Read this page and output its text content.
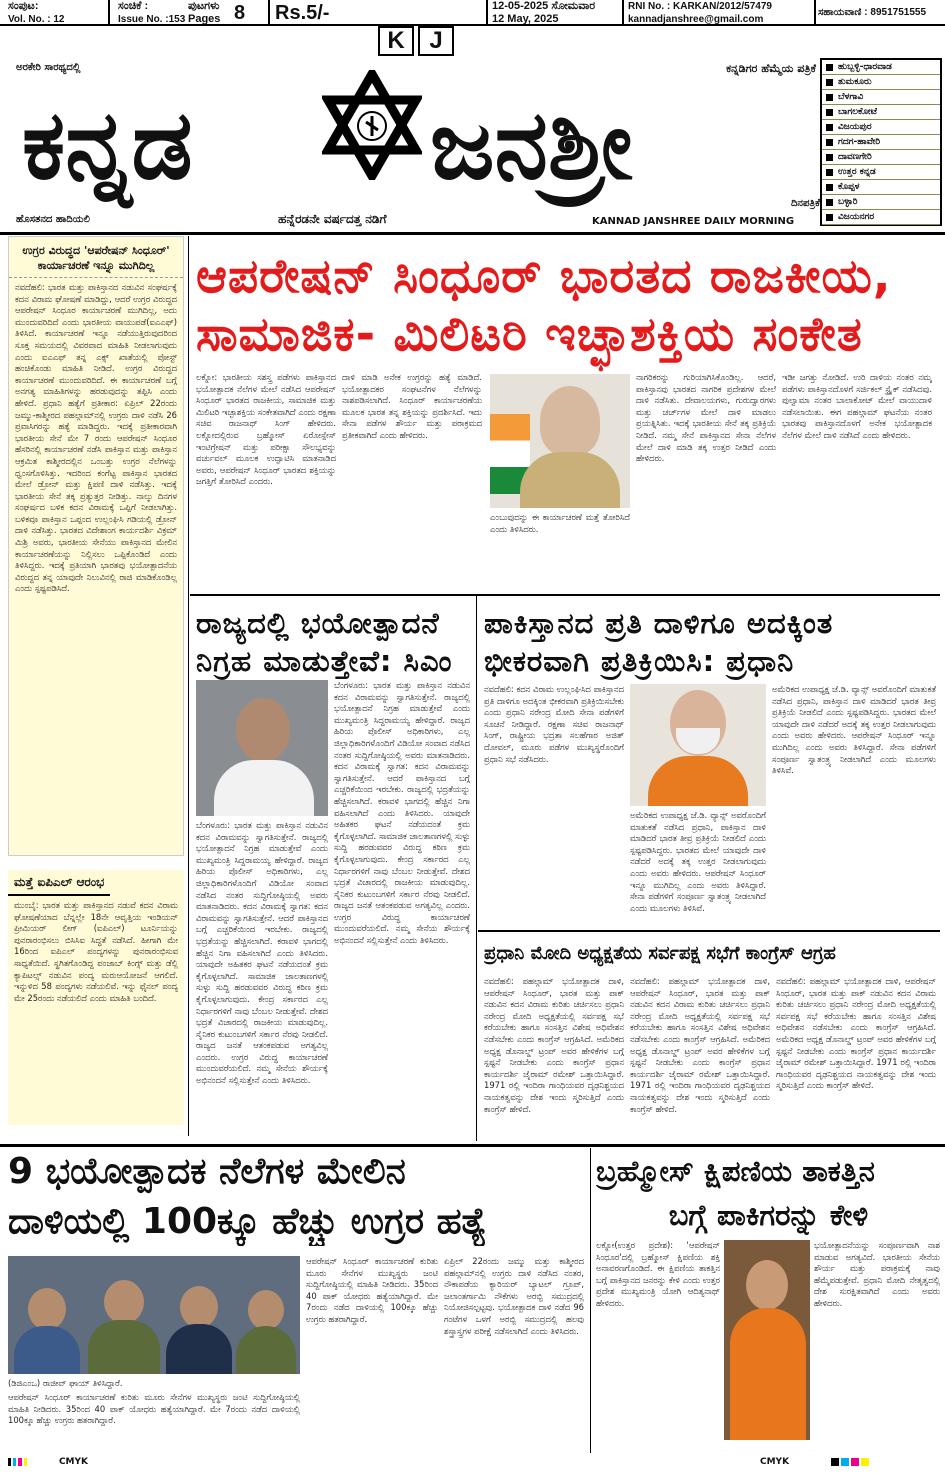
ಸಂಪುಟ:
Vol. No. : 12
ಸಂಚಿಕೆ :
Issue No. :153
ಪುಟಗಳು
Pages 8	Rs.5/-	12-05-2025 ಸೋಮವಾರ
12 May, 2025
RNI No. : KARKAN/2012/57479
kannadjanshree@gmail.com
ಸಹಾಯವಾಣಿ : 8951751555
K	J
ಅರಕೇರಿ ಸಾರಥ್ಯದಲ್ಲಿ	ಕನ್ನಡಿಗರ ಹೆಮ್ಮೆಯ ಪತ್ರಿಕೆ
ಕನ್ನಡ	ಜನಶ್ರೀ
ದಿನಪತ್ರಿಕೆ
ಹೊಸತನದ ಹಾದಿಯಲಿ	ಹನ್ನೆರಡನೇ ವರ್ಷದತ್ತ ನಡಿಗೆ	KANNAD JANSHREE DAILY MORNING
ಹುಬ್ಬಳ್ಳಿ-ಧಾರವಾಡ
ತುಮಕೂರು
ಬೆಳಗಾವಿ
ಬಾಗಲಕೋಟೆ
ವಿಜಯಪುರ
ಗದಗ-ಹಾವೇರಿ
ದಾವಣಗೇರಿ
ಉತ್ತರ ಕನ್ನಡ
ಕೊಪ್ಪಳ
ಬಳ್ಳಾರಿ
ವಿಜಯನಗರ
ಉಗ್ರರ ವಿರುದ್ಧದ 'ಆಪರೇಷನ್ ಸಿಂಧೂರ್' ಕಾರ್ಯಾಚರಣೆ ಇನ್ನೂ ಮುಗಿದಿಲ್ಲ
ನವದೆಹಲಿ: ಭಾರತ ಮತ್ತು ಪಾಕಿಸ್ತಾನದ ನಡುವಿನ ಸಂಘರ್ಷಕ್ಕೆ ಕದನ ವಿರಾಮ ಘೋಷಣೆ ಮಾಡಿದ್ದು, ಆದರೆ ಉಗ್ರರ ವಿರುದ್ಧದ ಆಪರೇಷನ್ ಸಿಂಧೂರ ಕಾರ್ಯಾಚರಣೆ ಮುಗಿದಿಲ್ಲ, ಅದು ಮುಂದುವರಿದಿದೆ ಎಂದು ಭಾರತೀಯ ವಾಯುಪಡೆ(ಐಎಎಫ್) ತಿಳಿಸಿದೆ. ಕಾರ್ಯಾಚರಣೆ ಇನ್ನೂ ನಡೆಯುತ್ತಿರುವುದರಿಂದ ಸೂಕ್ತ ಸಮಯದಲ್ಲಿ ವಿವರವಾದ ಮಾಹಿತಿ ನೀಡಲಾಗುವುದು ಎಂದು ಐಎಎಫ್ ತನ್ನ ಎಕ್ಸ್ ಖಾತೆಯಲ್ಲಿ ಪೋಸ್ಟ್ ಹಂಚಿಕೊಂಡು ಮಾಹಿತಿ ನೀಡಿದೆ. ಉಗ್ರರ ವಿರುದ್ಧದ ಕಾರ್ಯಾಚರಣೆ ಮುಂದುವರಿದಿದೆ. ಈ ಕಾರ್ಯಾಚರಣೆ ಬಗ್ಗೆ ಅನಗತ್ಯ ಮಾಹಿತಿಗಳನ್ನು ಹರಡುವುದನ್ನು ತಪ್ಪಿಸಿ ಎಂದು ಹೇಳಿದೆ. ಪ್ರಧಾನಿ ಹತ್ಯೆಗೆ ಪ್ರತೀಕಾರ: ಏಪ್ರಿಲ್ 22ರಂದು ಜಮ್ಮು-ಕಾಶ್ಮೀರದ ಪಹಲ್ಗಾಮ್‌ನಲ್ಲಿ ಉಗ್ರರು ದಾಳಿ ನಡೆಸಿ 26 ಪ್ರವಾಸಿಗರನ್ನು ಹತ್ಯೆ ಮಾಡಿದ್ದರು. ಇದಕ್ಕೆ ಪ್ರತೀಕಾರವಾಗಿ ಭಾರತೀಯ ಸೇನೆ ಮೇ 7 ರಂದು ಆಪರೇಷನ್ ಸಿಂಧೂರ ಹೆಸರಿನಲ್ಲಿ ಕಾರ್ಯಾಚರಣೆ ನಡೆಸಿ ಪಾಕಿಸ್ತಾನ ಮತ್ತು ಪಾಕಿಸ್ತಾನ ಆಕ್ರಮಿತ ಕಾಶ್ಮೀರದಲ್ಲಿನ ಒಂಬತ್ತು ಉಗ್ರರ ನೆಲೆಗಳನ್ನು ಧ್ವಂಸಗೊಳಿಸಿತ್ತು. ಇದರಿಂದ ಕಂಗೆಟ್ಟ ಪಾಕಿಸ್ತಾನ ಭಾರತದ ಮೇಲೆ ಡ್ರೋನ್ ಮತ್ತು ಕ್ಷಿಪಣಿ ದಾಳಿ ನಡೆಸಿತ್ತು. ಇದಕ್ಕೆ ಭಾರತೀಯ ಸೇನೆ ತಕ್ಕ ಪ್ರತ್ಯುತ್ತರ ನೀಡಿತ್ತು. ನಾಲ್ಕು ದಿನಗಳ ಸಂಘರ್ಷದ ಬಳಿಕ ಕದನ ವಿರಾಮಕ್ಕೆ ಒಪ್ಪಿಗೆ ನೀಡಲಾಗಿತ್ತು. ಬಳಿಕವೂ ಪಾಕಿಸ್ತಾನ ಒಪ್ಪಂದ ಉಲ್ಲಂಘಿಸಿ ಗಡಿಯಲ್ಲಿ ಡ್ರೋನ್ ದಾಳಿ ನಡೆಸಿತ್ತು. ಭಾರತದ ವಿದೇಶಾಂಗ ಕಾರ್ಯದರ್ಶಿ ವಿಕ್ರಮ್ ಮಿಶ್ರಿ ಅವರು, ಭಾರತೀಯ ಸೇನೆಯು ಪಾಕಿಸ್ತಾನದ ಮೇಲಿನ ಕಾರ್ಯಾಚರಣೆಯನ್ನು ನಿಲ್ಲಿಸಲು ಒಪ್ಪಿಕೊಂಡಿದೆ ಎಂದು ತಿಳಿಸಿದ್ದರು. ಇದಕ್ಕೆ ಪ್ರತಿಯಾಗಿ ಭಾರತವು ಭಯೋತ್ಪಾದನೆಯ ವಿರುದ್ಧದ ತನ್ನ ಯಾವುದೇ ನಿಲುವಿನಲ್ಲಿ ರಾಜಿ ಮಾಡಿಕೊಂಡಿಲ್ಲ ಎಂದು ಸ್ಪಷ್ಟಪಡಿಸಿದೆ.
ಮತ್ತೆ ಐಪಿಎಲ್ ಆರಂಭ
ಮುಂಬೈ: ಭಾರತ ಮತ್ತು ಪಾಕಿಸ್ತಾನದ ನಡುವೆ ಕದನ ವಿರಾಮ ಘೋಷಣೆಯಾದ ಬೆನ್ನಲ್ಲೇ 18ನೇ ಆವೃತ್ತಿಯ ಇಂಡಿಯನ್ ಪ್ರೀಮಿಯರ್ ಲೀಗ್ (ಐಪಿಎಲ್) ಟೂರ್ನಿಯನ್ನು ಪುನರಾರಂಭಿಸಲು ಬಿಸಿಸಿಐ ಸಿದ್ಧತೆ ನಡೆಸಿದೆ. ಹೀಗಾಗಿ ಮೇ 16ರಿಂದ ಐಪಿಎಲ್ ಪಂದ್ಯಗಳನ್ನು ಪುನರಾರಂಭಿಸುವ ಸಾಧ್ಯತೆಯಿದೆ. ಸ್ಥಗಿತಗೊಂಡಿದ್ದ ಪಂಜಾಬ್ ಕಿಂಗ್ಸ್ ಮತ್ತು ಡೆಲ್ಲಿ ಕ್ಯಾಪಿಟಲ್ಸ್ ನಡುವಿನ ಪಂದ್ಯ ಮರುಆಯೋಜನೆ ಆಗಲಿದೆ. ಇನ್ನುಳಿದ 58 ಪಂದ್ಯಗಳು ನಡೆಯಲಿವೆ. ಇನ್ನು ಫೈನಲ್ ಪಂದ್ಯ ಮೇ 25ರಂದು ನಡೆಯಲಿದೆ ಎಂದು ಮಾಹಿತಿ ಬಂದಿದೆ.
ಆಪರೇಷನ್ ಸಿಂಧೂರ್ ಭಾರತದ ರಾಜಕೀಯ,
ಸಾಮಾಜಿಕ- ಮಿಲಿಟರಿ ಇಚ್ಛಾಶಕ್ತಿಯ ಸಂಕೇತ
ಲಕ್ನೋ: ಭಾರತೀಯ ಸಶಸ್ತ್ರ ಪಡೆಗಳು ಪಾಕಿಸ್ತಾನದ ಭಯೋತ್ಪಾದಕ ನೆಲೆಗಳ ಮೇಲೆ ನಡೆಸಿದ ಆಪರೇಷನ್ ಸಿಂಧೂರ್ ಭಾರತದ ರಾಜಕೀಯ, ಸಾಮಾಜಿಕ ಮತ್ತು ಮಿಲಿಟರಿ ಇಚ್ಛಾಶಕ್ತಿಯ ಸಂಕೇತವಾಗಿದೆ ಎಂದು ರಕ್ಷಣಾ ಸಚಿವ ರಾಜನಾಥ್ ಸಿಂಗ್ ಹೇಳಿದರು. ಲಕ್ನೋದಲ್ಲಿರುವ ಬ್ರಹ್ಮೋಸ್ ಏರೋಸ್ಪೇಸ್ ಇಂಟಿಗ್ರೇಷನ್ ಮತ್ತು ಪರೀಕ್ಷಾ ಸೌಲಭ್ಯವನ್ನು ವರ್ಚುವಲ್ ಮೂಲಕ ಉದ್ಘಾಟಿಸಿ ಮಾತನಾಡಿದ ಅವರು, ಆಪರೇಷನ್ ಸಿಂಧೂರ್ ಭಾರತದ ಶಕ್ತಿಯನ್ನು ಜಗತ್ತಿಗೆ ತೋರಿಸಿದೆ ಎಂದರು.
ದಾಳಿ ಮಾಡಿ ಅನೇಕ ಉಗ್ರರನ್ನು ಹತ್ಯೆ ಮಾಡಿದೆ. ಭಯೋತ್ಪಾದಕರ ಸಂಘಟನೆಗಳ ನೆಲೆಗಳನ್ನು ನಾಶಪಡಿಸಲಾಗಿದೆ. ಸಿಂಧೂರ್ ಕಾರ್ಯಾಚರಣೆಯ ಮೂಲಕ ಭಾರತ ತನ್ನ ಶಕ್ತಿಯನ್ನು ಪ್ರದರ್ಶಿಸಿದೆ. ಇದು ಸೇನಾ ಪಡೆಗಳ ಶೌರ್ಯ ಮತ್ತು ಪರಾಕ್ರಮದ ಪ್ರತೀಕವಾಗಿದೆ ಎಂದು ಹೇಳಿದರು.
ಎಂಬುವುದನ್ನು ಈ ಕಾರ್ಯಾಚರಣೆ ಮತ್ತೆ ತೋರಿಸಿದೆ ಎಂದು ತಿಳಿಸಿದರು.
ನಾಗರಿಕರನ್ನು ಗುರಿಯಾಗಿಸಿಕೊಂಡಿಲ್ಲ. ಆದರೆ, ಪಾಕಿಸ್ತಾನವು ಭಾರತದ ನಾಗರಿಕ ಪ್ರದೇಶಗಳ ಮೇಲೆ ದಾಳಿ ನಡೆಸಿತು. ದೇವಾಲಯಗಳು, ಗುರುದ್ವಾರಗಳು ಮತ್ತು ಚರ್ಚ್‌ಗಳ ಮೇಲೆ ದಾಳಿ ಮಾಡಲು ಪ್ರಯತ್ನಿಸಿತು. ಇದಕ್ಕೆ ಭಾರತೀಯ ಸೇನೆ ತಕ್ಕ ಪ್ರತಿಕ್ರಿಯೆ ನೀಡಿದೆ. ನಮ್ಮ ಸೇನೆ ಪಾಕಿಸ್ತಾನದ ಸೇನಾ ನೆಲೆಗಳ ಮೇಲೆ ದಾಳಿ ಮಾಡಿ ತಕ್ಕ ಉತ್ತರ ನೀಡಿದೆ ಎಂದು ಹೇಳಿದರು.
ಇಡೀ ಜಗತ್ತು ನೋಡಿದೆ. ಉರಿ ದಾಳಿಯ ನಂತರ ನಮ್ಮ ಪಡೆಗಳು ಪಾಕಿಸ್ತಾನದೊಳಗೆ ಸರ್ಜಿಕಲ್ ಸ್ಟ್ರೈಕ್ ನಡೆಸಿದವು. ಪುಲ್ವಾಮಾ ನಂತರ ಬಾಲಾಕೋಟ್ ಮೇಲೆ ವಾಯುದಾಳಿ ನಡೆಸಲಾಯಿತು. ಈಗ ಪಹಲ್ಗಾಮ್ ಘಟನೆಯ ನಂತರ ಭಾರತವು ಪಾಕಿಸ್ತಾನದೊಳಗೆ ಅನೇಕ ಭಯೋತ್ಪಾದಕ ನೆಲೆಗಳ ಮೇಲೆ ದಾಳಿ ನಡೆಸಿದೆ ಎಂದು ಹೇಳಿದರು.
ರಾಜ್ಯದಲ್ಲಿ ಭಯೋತ್ಪಾದನೆ
ನಿಗ್ರಹ ಮಾಡುತ್ತೇವೆ: ಸಿಎಂ
ಬೆಂಗಳೂರು: ಭಾರತ ಮತ್ತು ಪಾಕಿಸ್ತಾನ ನಡುವಿನ ಕದನ ವಿರಾಮವನ್ನು ಸ್ವಾಗತಿಸುತ್ತೇನೆ. ರಾಜ್ಯದಲ್ಲಿ ಭಯೋತ್ಪಾದನೆ ನಿಗ್ರಹ ಮಾಡುತ್ತೇವೆ ಎಂದು ಮುಖ್ಯಮಂತ್ರಿ ಸಿದ್ದರಾಮಯ್ಯ ಹೇಳಿದ್ದಾರೆ. ರಾಜ್ಯದ ಹಿರಿಯ ಪೊಲೀಸ್ ಅಧಿಕಾರಿಗಳು, ಎಲ್ಲ ಜಿಲ್ಲಾಧಿಕಾರಿಗಳೊಂದಿಗೆ ವಿಡಿಯೋ ಸಂವಾದ ನಡೆಸಿದ ನಂತರ ಸುದ್ದಿಗೋಷ್ಠಿಯಲ್ಲಿ ಅವರು ಮಾತನಾಡಿದರು. ಕದನ ವಿರಾಮಕ್ಕೆ ಸ್ವಾಗತ: ಕದನ ವಿರಾಮವನ್ನು ಸ್ವಾಗತಿಸುತ್ತೇನೆ. ಆದರೆ ಪಾಕಿಸ್ತಾನದ ಬಗ್ಗೆ ಎಚ್ಚರಿಕೆಯಿಂದ ಇರಬೇಕು. ರಾಜ್ಯದಲ್ಲಿ ಭದ್ರತೆಯನ್ನು ಹೆಚ್ಚಿಸಲಾಗಿದೆ. ಕರಾವಳಿ ಭಾಗದಲ್ಲಿ ಹೆಚ್ಚಿನ ನಿಗಾ ವಹಿಸಲಾಗಿದೆ ಎಂದು ತಿಳಿಸಿದರು. ಯಾವುದೇ ಅಹಿತಕರ ಘಟನೆ ನಡೆಯದಂತೆ ಕ್ರಮ ಕೈಗೊಳ್ಳಲಾಗಿದೆ. ಸಾಮಾಜಿಕ ಜಾಲತಾಣಗಳಲ್ಲಿ ಸುಳ್ಳು ಸುದ್ದಿ ಹರಡುವವರ ವಿರುದ್ಧ ಕಠಿಣ ಕ್ರಮ ಕೈಗೊಳ್ಳಲಾಗುವುದು. ಕೇಂದ್ರ ಸರ್ಕಾರದ ಎಲ್ಲ ನಿರ್ಧಾರಗಳಿಗೆ ನಾವು ಬೆಂಬಲ ನೀಡುತ್ತೇವೆ. ದೇಶದ ಭದ್ರತೆ ವಿಚಾರದಲ್ಲಿ ರಾಜಕೀಯ ಮಾಡುವುದಿಲ್ಲ. ಸೈನಿಕರ ಕುಟುಂಬಗಳಿಗೆ ಸರ್ಕಾರ ನೆರವು ನೀಡಲಿದೆ. ರಾಜ್ಯದ ಜನತೆ ಆತಂಕಪಡುವ ಅಗತ್ಯವಿಲ್ಲ ಎಂದರು. ಉಗ್ರರ ವಿರುದ್ಧ ಕಾರ್ಯಾಚರಣೆ ಮುಂದುವರೆಯಲಿದೆ. ನಮ್ಮ ಸೇನೆಯ ಶೌರ್ಯಕ್ಕೆ ಅಭಿನಂದನೆ ಸಲ್ಲಿಸುತ್ತೇನೆ ಎಂದು ತಿಳಿಸಿದರು.
ಬೆಂಗಳೂರು: ಭಾರತ ಮತ್ತು ಪಾಕಿಸ್ತಾನ ನಡುವಿನ ಕದನ ವಿರಾಮವನ್ನು ಸ್ವಾಗತಿಸುತ್ತೇನೆ. ರಾಜ್ಯದಲ್ಲಿ ಭಯೋತ್ಪಾದನೆ ನಿಗ್ರಹ ಮಾಡುತ್ತೇವೆ ಎಂದು ಮುಖ್ಯಮಂತ್ರಿ ಸಿದ್ದರಾಮಯ್ಯ ಹೇಳಿದ್ದಾರೆ. ರಾಜ್ಯದ ಹಿರಿಯ ಪೊಲೀಸ್ ಅಧಿಕಾರಿಗಳು, ಎಲ್ಲ ಜಿಲ್ಲಾಧಿಕಾರಿಗಳೊಂದಿಗೆ ವಿಡಿಯೋ ಸಂವಾದ ನಡೆಸಿದ ನಂತರ ಸುದ್ದಿಗೋಷ್ಠಿಯಲ್ಲಿ ಅವರು ಮಾತನಾಡಿದರು. ಕದನ ವಿರಾಮಕ್ಕೆ ಸ್ವಾಗತ: ಕದನ ವಿರಾಮವನ್ನು ಸ್ವಾಗತಿಸುತ್ತೇನೆ. ಆದರೆ ಪಾಕಿಸ್ತಾನದ ಬಗ್ಗೆ ಎಚ್ಚರಿಕೆಯಿಂದ ಇರಬೇಕು. ರಾಜ್ಯದಲ್ಲಿ ಭದ್ರತೆಯನ್ನು ಹೆಚ್ಚಿಸಲಾಗಿದೆ. ಕರಾವಳಿ ಭಾಗದಲ್ಲಿ ಹೆಚ್ಚಿನ ನಿಗಾ ವಹಿಸಲಾಗಿದೆ ಎಂದು ತಿಳಿಸಿದರು. ಯಾವುದೇ ಅಹಿತಕರ ಘಟನೆ ನಡೆಯದಂತೆ ಕ್ರಮ ಕೈಗೊಳ್ಳಲಾಗಿದೆ. ಸಾಮಾಜಿಕ ಜಾಲತಾಣಗಳಲ್ಲಿ ಸುಳ್ಳು ಸುದ್ದಿ ಹರಡುವವರ ವಿರುದ್ಧ ಕಠಿಣ ಕ್ರಮ ಕೈಗೊಳ್ಳಲಾಗುವುದು. ಕೇಂದ್ರ ಸರ್ಕಾರದ ಎಲ್ಲ ನಿರ್ಧಾರಗಳಿಗೆ ನಾವು ಬೆಂಬಲ ನೀಡುತ್ತೇವೆ. ದೇಶದ ಭದ್ರತೆ ವಿಚಾರದಲ್ಲಿ ರಾಜಕೀಯ ಮಾಡುವುದಿಲ್ಲ. ಸೈನಿಕರ ಕುಟುಂಬಗಳಿಗೆ ಸರ್ಕಾರ ನೆರವು ನೀಡಲಿದೆ. ರಾಜ್ಯದ ಜನತೆ ಆತಂಕಪಡುವ ಅಗತ್ಯವಿಲ್ಲ ಎಂದರು. ಉಗ್ರರ ವಿರುದ್ಧ ಕಾರ್ಯಾಚರಣೆ ಮುಂದುವರೆಯಲಿದೆ. ನಮ್ಮ ಸೇನೆಯ ಶೌರ್ಯಕ್ಕೆ ಅಭಿನಂದನೆ ಸಲ್ಲಿಸುತ್ತೇನೆ ಎಂದು ತಿಳಿಸಿದರು.
ಪಾಕಿಸ್ತಾನದ ಪ್ರತಿ ದಾಳಿಗೂ ಅದಕ್ಕಿಂತ
ಭೀಕರವಾಗಿ ಪ್ರತಿಕ್ರಿಯಿಸಿ: ಪ್ರಧಾನಿ
ನವದೆಹಲಿ: ಕದನ ವಿರಾಮ ಉಲ್ಲಂಘಿಸಿದ ಪಾಕಿಸ್ತಾನದ ಪ್ರತಿ ದಾಳಿಗೂ ಅದಕ್ಕಿಂತ ಭೀಕರವಾಗಿ ಪ್ರತಿಕ್ರಿಯಿಸಬೇಕು ಎಂದು ಪ್ರಧಾನಿ ನರೇಂದ್ರ ಮೋದಿ ಸೇನಾ ಪಡೆಗಳಿಗೆ ಸೂಚನೆ ನೀಡಿದ್ದಾರೆ. ರಕ್ಷಣಾ ಸಚಿವ ರಾಜನಾಥ್ ಸಿಂಗ್, ರಾಷ್ಟ್ರೀಯ ಭದ್ರತಾ ಸಲಹೆಗಾರ ಅಜಿತ್ ದೋವಲ್, ಮೂರು ಪಡೆಗಳ ಮುಖ್ಯಸ್ಥರೊಂದಿಗೆ ಪ್ರಧಾನಿ ಸಭೆ ನಡೆಸಿದರು.
ಅಮೆರಿಕದ ಉಪಾಧ್ಯಕ್ಷ ಜೆ.ಡಿ. ವ್ಯಾನ್ಸ್ ಅವರೊಂದಿಗೆ ಮಾತುಕತೆ ನಡೆಸಿದ ಪ್ರಧಾನಿ, ಪಾಕಿಸ್ತಾನ ದಾಳಿ ಮಾಡಿದರೆ ಭಾರತ ತೀವ್ರ ಪ್ರತಿಕ್ರಿಯೆ ನೀಡಲಿದೆ ಎಂದು ಸ್ಪಷ್ಟಪಡಿಸಿದ್ದರು. ಭಾರತದ ಮೇಲೆ ಯಾವುದೇ ದಾಳಿ ನಡೆದರೆ ಅದಕ್ಕೆ ತಕ್ಕ ಉತ್ತರ ನೀಡಲಾಗುವುದು ಎಂದು ಅವರು ಹೇಳಿದರು. ಆಪರೇಷನ್ ಸಿಂಧೂರ್ ಇನ್ನೂ ಮುಗಿದಿಲ್ಲ ಎಂದು ಅವರು ತಿಳಿಸಿದ್ದಾರೆ. ಸೇನಾ ಪಡೆಗಳಿಗೆ ಸಂಪೂರ್ಣ ಸ್ವಾತಂತ್ರ್ಯ ನೀಡಲಾಗಿದೆ ಎಂದು ಮೂಲಗಳು ತಿಳಿಸಿವೆ.
ಅಮೆರಿಕದ ಉಪಾಧ್ಯಕ್ಷ ಜೆ.ಡಿ. ವ್ಯಾನ್ಸ್ ಅವರೊಂದಿಗೆ ಮಾತುಕತೆ ನಡೆಸಿದ ಪ್ರಧಾನಿ, ಪಾಕಿಸ್ತಾನ ದಾಳಿ ಮಾಡಿದರೆ ಭಾರತ ತೀವ್ರ ಪ್ರತಿಕ್ರಿಯೆ ನೀಡಲಿದೆ ಎಂದು ಸ್ಪಷ್ಟಪಡಿಸಿದ್ದರು. ಭಾರತದ ಮೇಲೆ ಯಾವುದೇ ದಾಳಿ ನಡೆದರೆ ಅದಕ್ಕೆ ತಕ್ಕ ಉತ್ತರ ನೀಡಲಾಗುವುದು ಎಂದು ಅವರು ಹೇಳಿದರು. ಆಪರೇಷನ್ ಸಿಂಧೂರ್ ಇನ್ನೂ ಮುಗಿದಿಲ್ಲ ಎಂದು ಅವರು ತಿಳಿಸಿದ್ದಾರೆ. ಸೇನಾ ಪಡೆಗಳಿಗೆ ಸಂಪೂರ್ಣ ಸ್ವಾತಂತ್ರ್ಯ ನೀಡಲಾಗಿದೆ ಎಂದು ಮೂಲಗಳು ತಿಳಿಸಿವೆ.
ಪ್ರಧಾನಿ ಮೋದಿ ಅಧ್ಯಕ್ಷತೆಯ ಸರ್ವಪಕ್ಷ ಸಭೆಗೆ ಕಾಂಗ್ರೆಸ್ ಆಗ್ರಹ
ನವದೆಹಲಿ: ಪಹಲ್ಗಾಮ್ ಭಯೋತ್ಪಾದಕ ದಾಳಿ, ಆಪರೇಷನ್ ಸಿಂಧೂರ್, ಭಾರತ ಮತ್ತು ಪಾಕ್ ನಡುವಿನ ಕದನ ವಿರಾಮ ಕುರಿತು ಚರ್ಚಿಸಲು ಪ್ರಧಾನಿ ನರೇಂದ್ರ ಮೋದಿ ಅಧ್ಯಕ್ಷತೆಯಲ್ಲಿ ಸರ್ವಪಕ್ಷ ಸಭೆ ಕರೆಯಬೇಕು ಹಾಗೂ ಸಂಸತ್ತಿನ ವಿಶೇಷ ಅಧಿವೇಶನ ನಡೆಸಬೇಕು ಎಂದು ಕಾಂಗ್ರೆಸ್ ಆಗ್ರಹಿಸಿದೆ. ಅಮೆರಿಕದ ಅಧ್ಯಕ್ಷ ಡೊನಾಲ್ಡ್ ಟ್ರಂಪ್ ಅವರ ಹೇಳಿಕೆಗಳ ಬಗ್ಗೆ ಸ್ಪಷ್ಟನೆ ನೀಡಬೇಕು ಎಂದು ಕಾಂಗ್ರೆಸ್ ಪ್ರಧಾನ ಕಾರ್ಯದರ್ಶಿ ಜೈರಾಮ್ ರಮೇಶ್ ಒತ್ತಾಯಿಸಿದ್ದಾರೆ. 1971 ರಲ್ಲಿ ಇಂದಿರಾ ಗಾಂಧಿಯವರ ದೃಢನಿಶ್ಚಯದ ನಾಯಕತ್ವವನ್ನು ದೇಶ ಇಂದು ಸ್ಮರಿಸುತ್ತಿದೆ ಎಂದು ಕಾಂಗ್ರೆಸ್ ಹೇಳಿದೆ.
ನವದೆಹಲಿ: ಪಹಲ್ಗಾಮ್ ಭಯೋತ್ಪಾದಕ ದಾಳಿ, ಆಪರೇಷನ್ ಸಿಂಧೂರ್, ಭಾರತ ಮತ್ತು ಪಾಕ್ ನಡುವಿನ ಕದನ ವಿರಾಮ ಕುರಿತು ಚರ್ಚಿಸಲು ಪ್ರಧಾನಿ ನರೇಂದ್ರ ಮೋದಿ ಅಧ್ಯಕ್ಷತೆಯಲ್ಲಿ ಸರ್ವಪಕ್ಷ ಸಭೆ ಕರೆಯಬೇಕು ಹಾಗೂ ಸಂಸತ್ತಿನ ವಿಶೇಷ ಅಧಿವೇಶನ ನಡೆಸಬೇಕು ಎಂದು ಕಾಂಗ್ರೆಸ್ ಆಗ್ರಹಿಸಿದೆ. ಅಮೆರಿಕದ ಅಧ್ಯಕ್ಷ ಡೊನಾಲ್ಡ್ ಟ್ರಂಪ್ ಅವರ ಹೇಳಿಕೆಗಳ ಬಗ್ಗೆ ಸ್ಪಷ್ಟನೆ ನೀಡಬೇಕು ಎಂದು ಕಾಂಗ್ರೆಸ್ ಪ್ರಧಾನ ಕಾರ್ಯದರ್ಶಿ ಜೈರಾಮ್ ರಮೇಶ್ ಒತ್ತಾಯಿಸಿದ್ದಾರೆ. 1971 ರಲ್ಲಿ ಇಂದಿರಾ ಗಾಂಧಿಯವರ ದೃಢನಿಶ್ಚಯದ ನಾಯಕತ್ವವನ್ನು ದೇಶ ಇಂದು ಸ್ಮರಿಸುತ್ತಿದೆ ಎಂದು ಕಾಂಗ್ರೆಸ್ ಹೇಳಿದೆ.
ನವದೆಹಲಿ: ಪಹಲ್ಗಾಮ್ ಭಯೋತ್ಪಾದಕ ದಾಳಿ, ಆಪರೇಷನ್ ಸಿಂಧೂರ್, ಭಾರತ ಮತ್ತು ಪಾಕ್ ನಡುವಿನ ಕದನ ವಿರಾಮ ಕುರಿತು ಚರ್ಚಿಸಲು ಪ್ರಧಾನಿ ನರೇಂದ್ರ ಮೋದಿ ಅಧ್ಯಕ್ಷತೆಯಲ್ಲಿ ಸರ್ವಪಕ್ಷ ಸಭೆ ಕರೆಯಬೇಕು ಹಾಗೂ ಸಂಸತ್ತಿನ ವಿಶೇಷ ಅಧಿವೇಶನ ನಡೆಸಬೇಕು ಎಂದು ಕಾಂಗ್ರೆಸ್ ಆಗ್ರಹಿಸಿದೆ. ಅಮೆರಿಕದ ಅಧ್ಯಕ್ಷ ಡೊನಾಲ್ಡ್ ಟ್ರಂಪ್ ಅವರ ಹೇಳಿಕೆಗಳ ಬಗ್ಗೆ ಸ್ಪಷ್ಟನೆ ನೀಡಬೇಕು ಎಂದು ಕಾಂಗ್ರೆಸ್ ಪ್ರಧಾನ ಕಾರ್ಯದರ್ಶಿ ಜೈರಾಮ್ ರಮೇಶ್ ಒತ್ತಾಯಿಸಿದ್ದಾರೆ. 1971 ರಲ್ಲಿ ಇಂದಿರಾ ಗಾಂಧಿಯವರ ದೃಢನಿಶ್ಚಯದ ನಾಯಕತ್ವವನ್ನು ದೇಶ ಇಂದು ಸ್ಮರಿಸುತ್ತಿದೆ ಎಂದು ಕಾಂಗ್ರೆಸ್ ಹೇಳಿದೆ.
9 ಭಯೋತ್ಪಾದಕ ನೆಲೆಗಳ ಮೇಲಿನ
ದಾಳಿಯಲ್ಲಿ 100ಕ್ಕೂ ಹೆಚ್ಚು ಉಗ್ರರ ಹತ್ಯೆ
(ಡಿಜಿಎಂಒ) ರಾಜೀವ್ ಘಾಯ್ ತಿಳಿಸಿದ್ದಾರೆ.
ಆಪರೇಷನ್ ಸಿಂಧೂರ್ ಕಾರ್ಯಾಚರಣೆ ಕುರಿತು ಮೂರು ಸೇನೆಗಳ ಮುಖ್ಯಸ್ಥರು ಜಂಟಿ ಸುದ್ದಿಗೋಷ್ಠಿಯಲ್ಲಿ ಮಾಹಿತಿ ನೀಡಿದರು. 35ರಿಂದ 40 ಪಾಕ್ ಯೋಧರು ಹತ್ಯೆಯಾಗಿದ್ದಾರೆ. ಮೇ 7ರಂದು ನಡೆದ ದಾಳಿಯಲ್ಲಿ 100ಕ್ಕೂ ಹೆಚ್ಚು ಉಗ್ರರು ಹತರಾಗಿದ್ದಾರೆ.
ಆಪರೇಷನ್ ಸಿಂಧೂರ್ ಕಾರ್ಯಾಚರಣೆ ಕುರಿತು ಮೂರು ಸೇನೆಗಳ ಮುಖ್ಯಸ್ಥರು ಜಂಟಿ ಸುದ್ದಿಗೋಷ್ಠಿಯಲ್ಲಿ ಮಾಹಿತಿ ನೀಡಿದರು. 35ರಿಂದ 40 ಪಾಕ್ ಯೋಧರು ಹತ್ಯೆಯಾಗಿದ್ದಾರೆ. ಮೇ 7ರಂದು ನಡೆದ ದಾಳಿಯಲ್ಲಿ 100ಕ್ಕೂ ಹೆಚ್ಚು ಉಗ್ರರು ಹತರಾಗಿದ್ದಾರೆ.
ಏಪ್ರಿಲ್ 22ರಂದು ಜಮ್ಮು ಮತ್ತು ಕಾಶ್ಮೀರದ ಪಹಲ್ಗಾಮ್‌ನಲ್ಲಿ ಉಗ್ರರು ದಾಳಿ ನಡೆಸಿದ ನಂತರ, ನೌಕಾಪಡೆಯ ಕ್ಯಾರಿಯರ್ ಬ್ಯಾಟಲ್ ಗ್ರೂಪ್, ಜಲಾಂತರ್ಗಾಮಿ ನೌಕೆಗಳು ಅರಬ್ಬಿ ಸಮುದ್ರದಲ್ಲಿ ನಿಯೋಜಿಸಲ್ಪಟ್ಟವು. ಭಯೋತ್ಪಾದಕ ದಾಳಿ ನಡೆದ 96 ಗಂಟೆಗಳ ಒಳಗೆ ಅರಬ್ಬಿ ಸಮುದ್ರದಲ್ಲಿ ಹಲವು ಶಸ್ತ್ರಾಸ್ತ್ರಗಳ ಪರೀಕ್ಷೆ ನಡೆಸಲಾಗಿದೆ ಎಂದು ತಿಳಿಸಿದರು.
ಬ್ರಹ್ಮೋಸ್ ಕ್ಷಿಪಣಿಯ ತಾಕತ್ತಿನ
ಬಗ್ಗೆ ಪಾಕಿಗರನ್ನು ಕೇಳಿ
ಲಕ್ನೋ(ಉತ್ತರ ಪ್ರದೇಶ): 'ಆಪರೇಷನ್ ಸಿಂಧೂರ'ದಲ್ಲಿ ಬ್ರಹ್ಮೋಸ್ ಕ್ಷಿಪಣಿಯ ಶಕ್ತಿ ಅನಾವರಣಗೊಂಡಿದೆ. ಈ ಕ್ಷಿಪಣಿಯ ತಾಕತ್ತಿನ ಬಗ್ಗೆ ಪಾಕಿಸ್ತಾನದ ಜನರನ್ನು ಕೇಳಿ ಎಂದು ಉತ್ತರ ಪ್ರದೇಶ ಮುಖ್ಯಮಂತ್ರಿ ಯೋಗಿ ಆದಿತ್ಯನಾಥ್ ಹೇಳಿದರು.
ಭಯೋತ್ಪಾದನೆಯನ್ನು ಸಂಪೂರ್ಣವಾಗಿ ನಾಶ ಮಾಡುವ ಅಗತ್ಯವಿದೆ. ಭಾರತೀಯ ಸೇನೆಯ ಶೌರ್ಯ ಮತ್ತು ಪರಾಕ್ರಮಕ್ಕೆ ನಾವು ಹೆಮ್ಮೆಪಡುತ್ತೇವೆ. ಪ್ರಧಾನಿ ಮೋದಿ ನೇತೃತ್ವದಲ್ಲಿ ದೇಶ ಸುರಕ್ಷಿತವಾಗಿದೆ ಎಂದು ಅವರು ಹೇಳಿದರು.
CMYK	CMYK
